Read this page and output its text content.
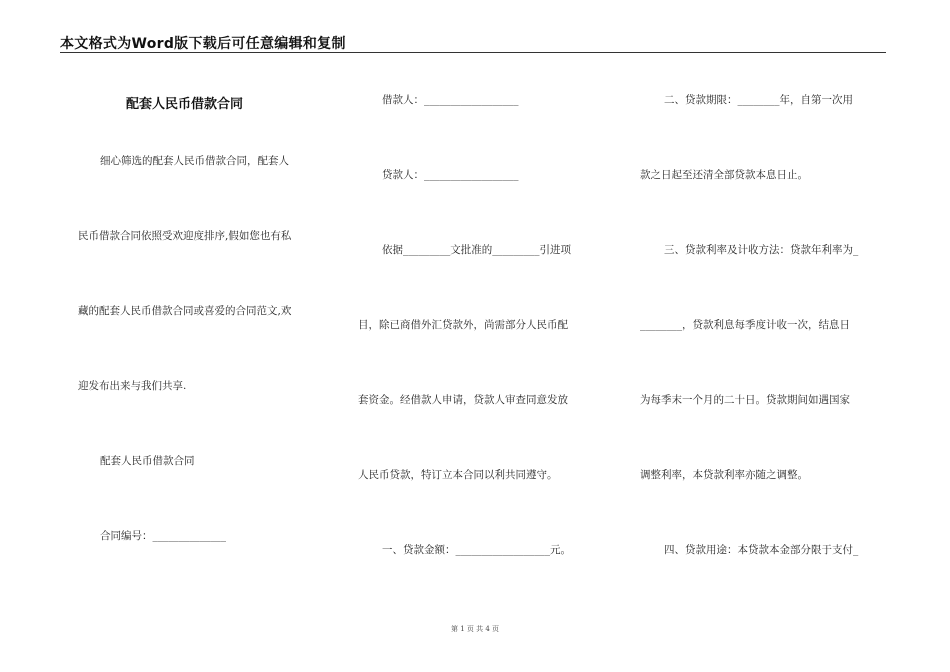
本文格式为Word版下载后可任意编辑和复制
配套人民币借款合同
细心筛选的配套人民币借款合同，配套人
民币借款合同依照受欢迎度排序,假如您也有私
藏的配套人民币借款合同或喜爱的合同范文,欢
迎发布出来与我们共享.
配套人民币借款合同
合同编号：______________
借款人：__________________
贷款人：__________________
依据_________文批准的_________引进项
目，除已商借外汇贷款外，尚需部分人民币配
套资金。经借款人申请，贷款人审查同意发放
人民币贷款，特订立本合同以利共同遵守。
一、贷款金额：__________________元。
二、贷款期限：________年，自第一次用
款之日起至还清全部贷款本息日止。
三、贷款利率及计收方法：贷款年利率为_
________，贷款利息每季度计收一次，结息日
为每季末一个月的二十日。贷款期间如遇国家
调整利率，本贷款利率亦随之调整。
四、贷款用途：本贷款本金部分限于支付_
第 1 页 共 4 页
